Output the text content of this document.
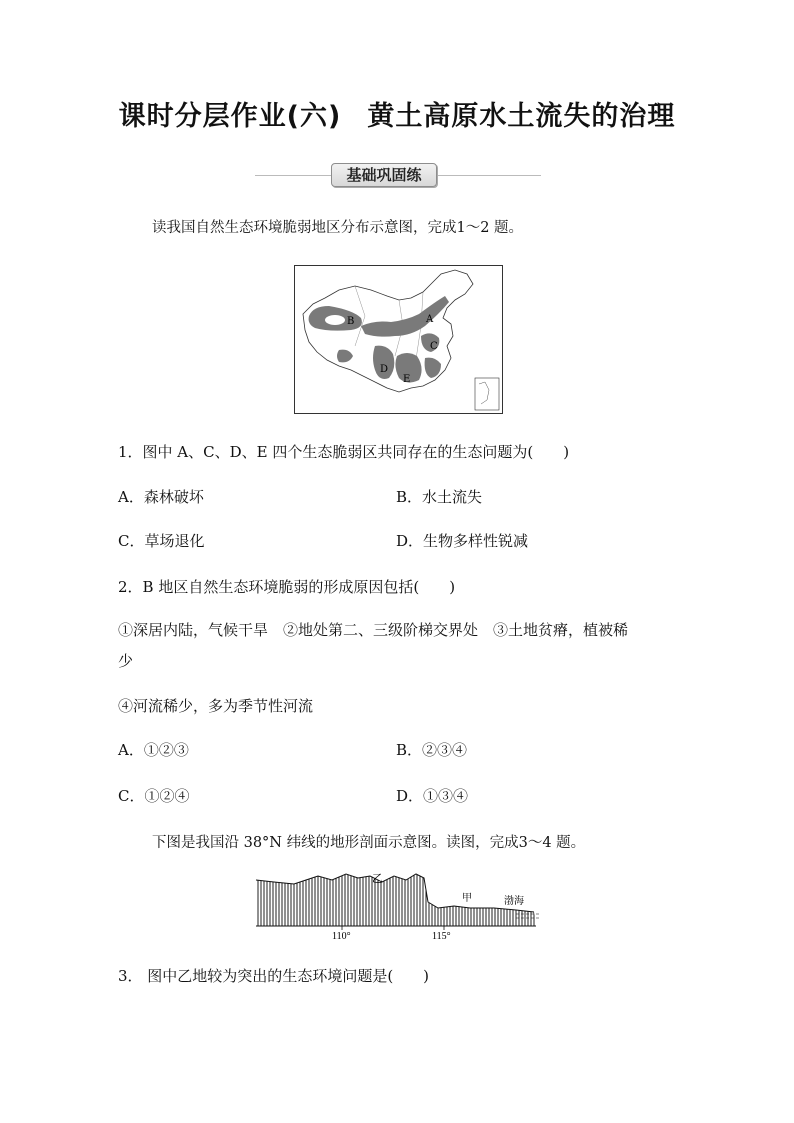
课时分层作业(六) 黄土高原水土流失的治理
基础巩固练
读我国自然生态环境脆弱地区分布示意图，完成1～2 题。
A
B
C
D
E
1．图中 A、C、D、E 四个生态脆弱区共同存在的生态问题为(　　)
A．森林破坏	B．水土流失
C．草场退化	D．生物多样性锐减
2．B 地区自然生态环境脆弱的形成原因包括(　　)
①深居内陆，气候干旱　②地处第二、三级阶梯交界处　③土地贫瘠，植被稀
少
④河流稀少，多为季节性河流
A．①②③	B．②③④
C．①②④	D．①③④
下图是我国沿 38°N 纬线的地形剖面示意图。读图，完成3～4 题。
110°	115°
乙
甲	渤海
3． 图中乙地较为突出的生态环境问题是(　　)
